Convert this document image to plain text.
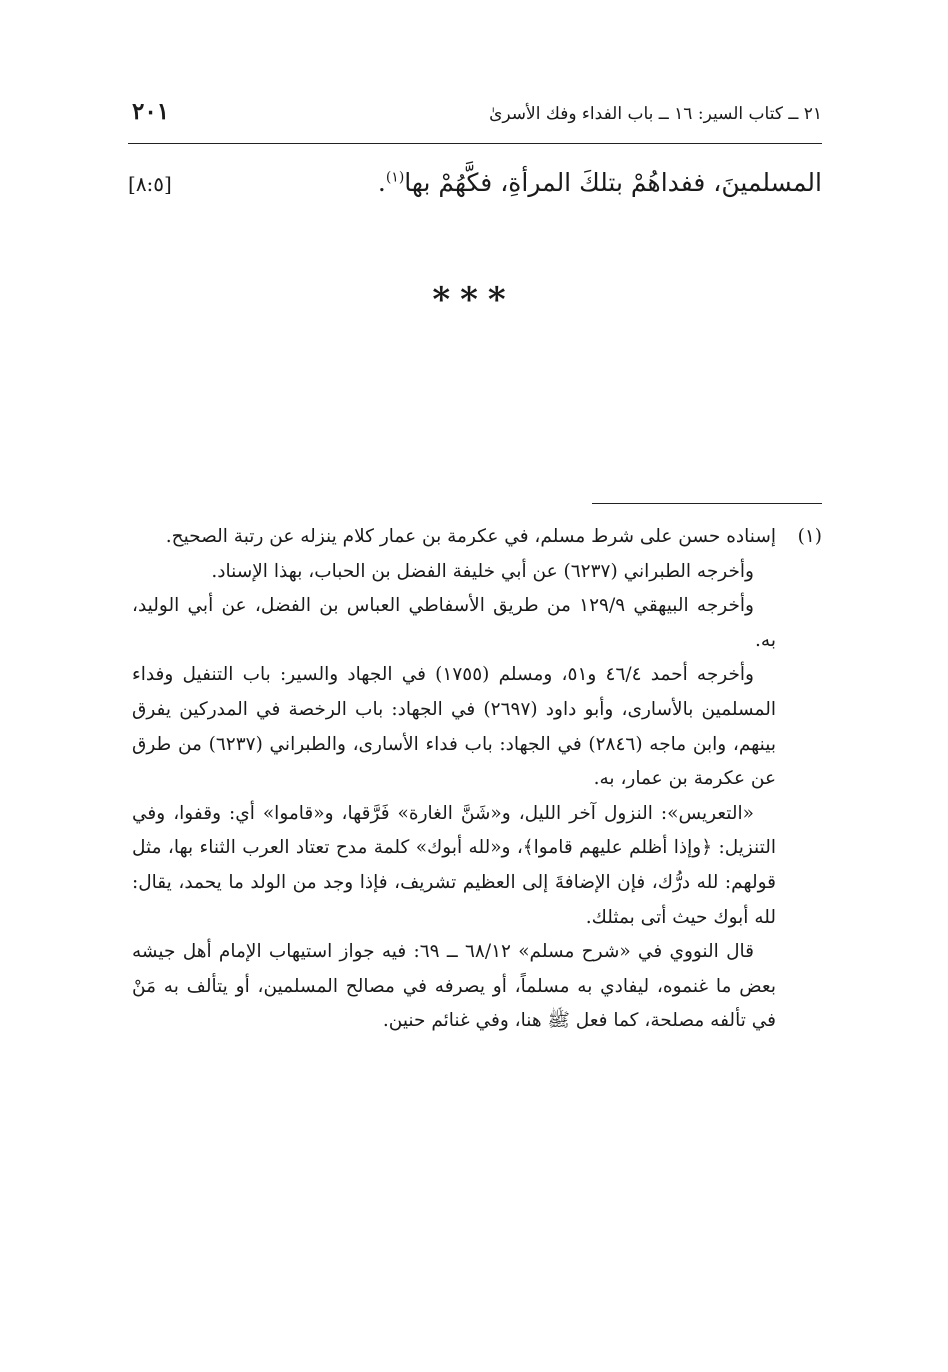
٢١ ــ كتاب السير: ١٦ ــ باب الفداء وفك الأسرىٰ
٢٠١
المسلمينَ، ففداهُمْ بتلكَ المرأةِ، فكَّهُمْ بها$^{(١)}$.
[٨:٥]
***
(١)

إسناده حسن على شرط مسلم، في عكرمة بن عمار كلام ينزله عن رتبة الصحيح.

وأخرجه الطبراني (٦٢٣٧) عن أبي خليفة الفضل بن الحباب، بهذا الإسناد.

وأخرجه البيهقي ١٢٩/٩ من طريق الأسفاطي العباس بن الفضل، عن أبي الوليد، به.

وأخرجه أحمد ٤٦/٤ و٥١، ومسلم (١٧٥٥) في الجهاد والسير: باب التنفيل وفداء المسلمين بالأسارى، وأبو داود (٢٦٩٧) في الجهاد: باب الرخصة في المدركين يفرق بينهم، وابن ماجه (٢٨٤٦) في الجهاد: باب فداء الأسارى، والطبراني (٦٢٣٧) من طرق عن عكرمة بن عمار، به.

«التعريس»: النزول آخر الليل، و«شَنَّ الغارة» فَرَّقها، و«قاموا» أي: وقفوا، وفي التنزيل: ﴿وإذا أظلم عليهم قاموا﴾، و«لله أبوك» كلمة مدح تعتاد العرب الثناء بها، مثل قولهم: لله درُّك، فإن الإضافةَ إلى العظيم تشريف، فإذا وجد من الولد ما يحمد، يقال: لله أبوك حيث أتى بمثلك.

قال النووي في «شرح مسلم» ٦٨/١٢ ــ ٦٩: فيه جواز استيهاب الإمام أهل جيشه بعض ما غنموه، ليفادي به مسلماً، أو يصرفه في مصالح المسلمين، أو يتألف به مَنْ في تألفه مصلحة، كما فعل ﷺ هنا، وفي غنائم حنين.
